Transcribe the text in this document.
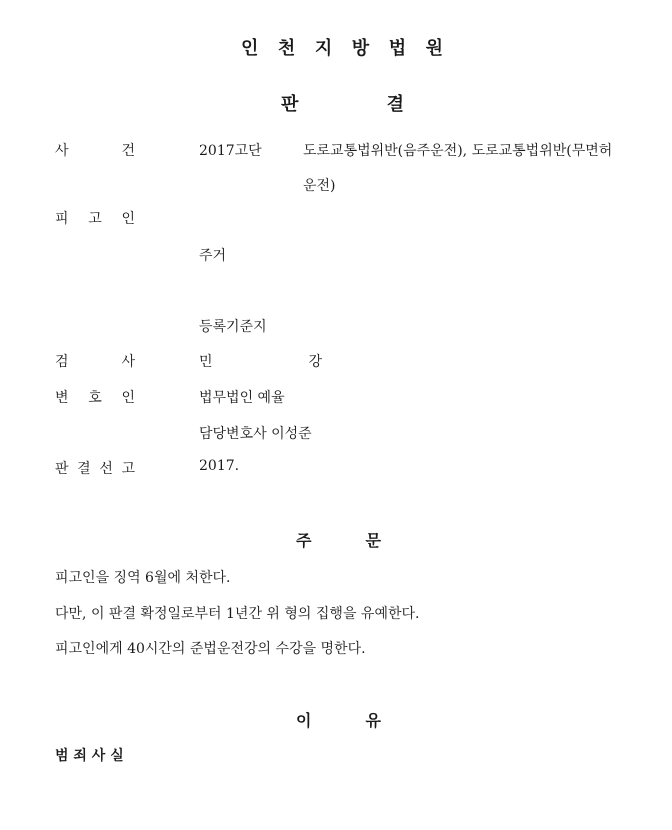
인 천 지 방 법 원
판	결
사	건	2017고단	도로교통법위반(음주운전), 도로교통법위반(무면허
운전)
피 고 인
주거
등록기준지
검	사	민	강
변 호 인	법무법인 예율
담당변호사 이성준
판 결 선 고	2017.
주	문
피고인을 징역 6월에 처한다.
다만, 이 판결 확정일로부터 1년간 위 형의 집행을 유예한다.
피고인에게 40시간의 준법운전강의 수강을 명한다.
이	유
범 죄 사 실
